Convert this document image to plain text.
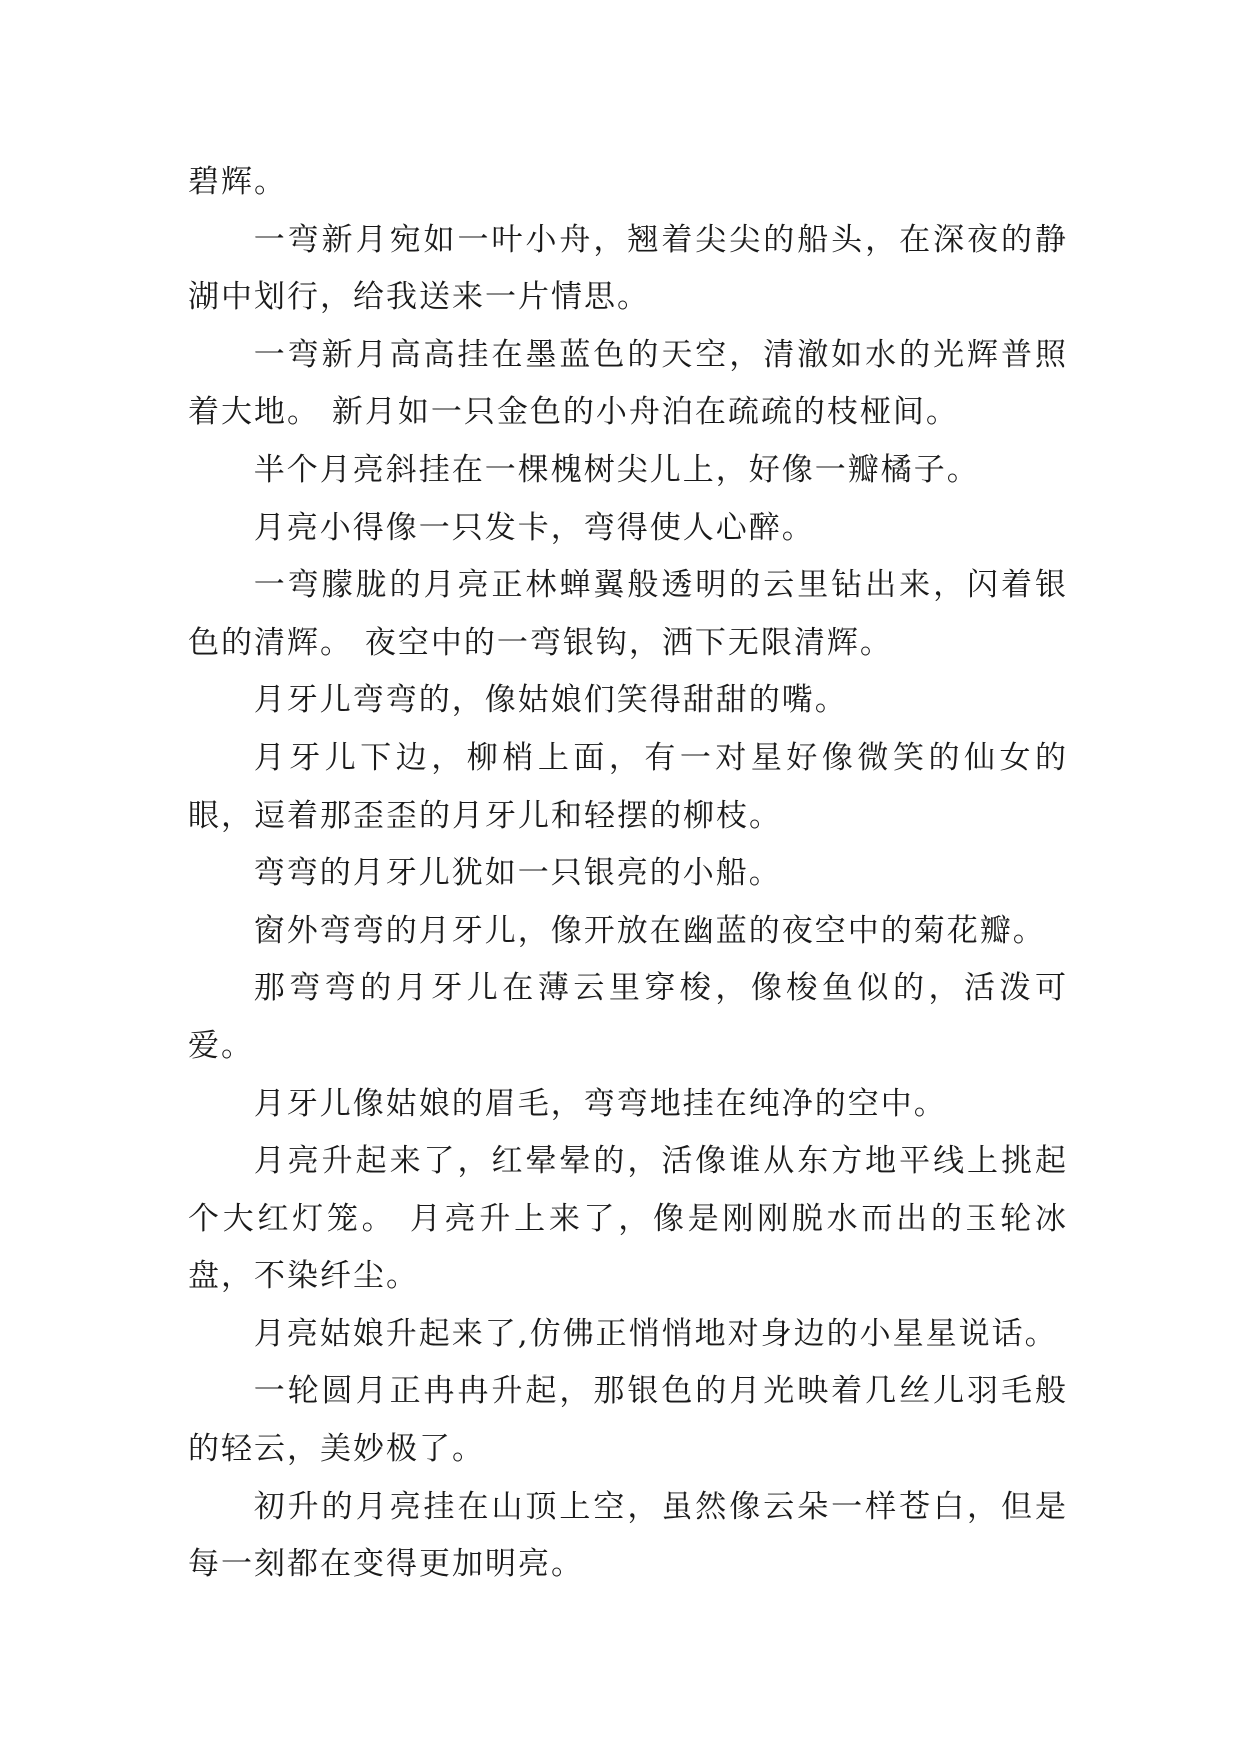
碧辉。

一弯新月宛如一叶小舟，翘着尖尖的船头，在深夜的静湖中划行，给我送来一片情思。

一弯新月高高挂在墨蓝色的天空，清澈如水的光辉普照着大地。 新月如一只金色的小舟泊在疏疏的枝桠间。

半个月亮斜挂在一棵槐树尖儿上，好像一瓣橘子。

月亮小得像一只发卡，弯得使人心醉。

一弯朦胧的月亮正林蝉翼般透明的云里钻出来，闪着银色的清辉。 夜空中的一弯银钩，洒下无限清辉。

月牙儿弯弯的，像姑娘们笑得甜甜的嘴。

月牙儿下边，柳梢上面，有一对星好像微笑的仙女的眼，逗着那歪歪的月牙儿和轻摆的柳枝。

弯弯的月牙儿犹如一只银亮的小船。

窗外弯弯的月牙儿，像开放在幽蓝的夜空中的菊花瓣。

那弯弯的月牙儿在薄云里穿梭，像梭鱼似的，活泼可爱。

月牙儿像姑娘的眉毛，弯弯地挂在纯净的空中。

月亮升起来了，红晕晕的，活像谁从东方地平线上挑起个大红灯笼。 月亮升上来了，像是刚刚脱水而出的玉轮冰盘，不染纤尘。

月亮姑娘升起来了,仿佛正悄悄地对身边的小星星说话。

一轮圆月正冉冉升起，那银色的月光映着几丝儿羽毛般的轻云，美妙极了。

初升的月亮挂在山顶上空，虽然像云朵一样苍白，但是每一刻都在变得更加明亮。
